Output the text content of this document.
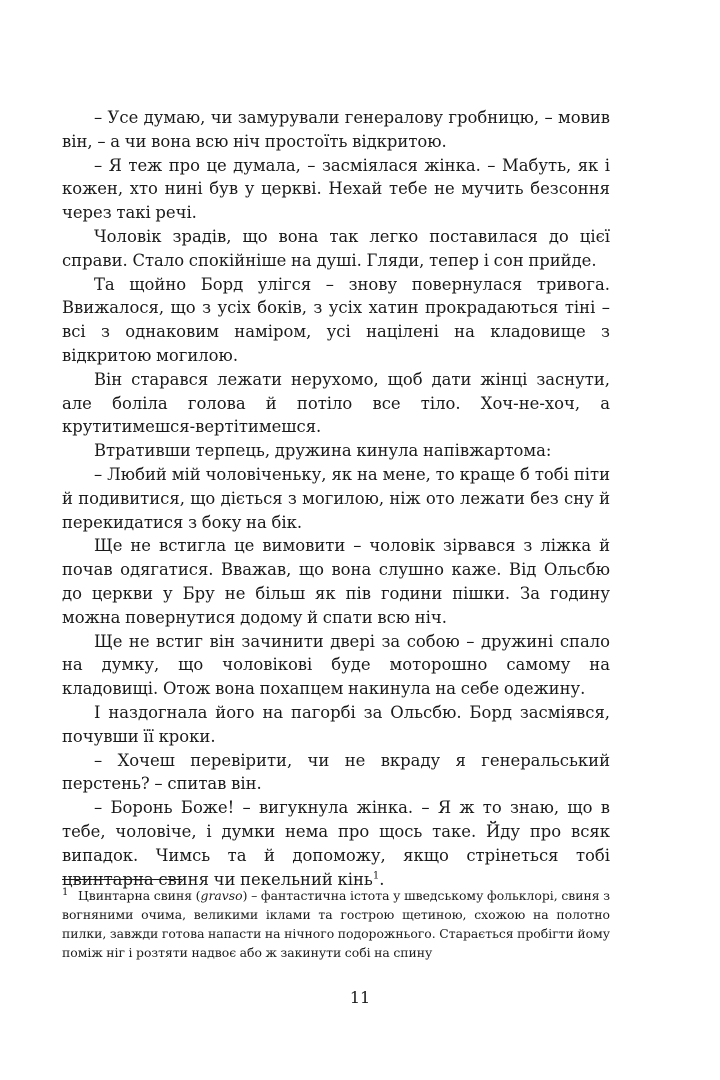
– Усе думаю, чи замурували генералову гробницю, – мовив він, – а чи вона всю ніч простоїть відкритою.

– Я теж про це думала, – засміялася жінка. – Мабуть, як і кожен, хто нині був у церкві. Нехай тебе не мучить безсоння через такі речі.

Чоловік зрадів, що вона так легко поставилася до цієї справи. Стало спокійніше на душі. Гляди, тепер і сон прийде.

Та щойно Борд улігся – знову повернулася тривога. Ввижалося, що з усіх боків, з усіх хатин прокрадаються тіні – всі з однаковим наміром, усі націлені на кладовище з відкритою могилою.

Він старався лежати нерухомо, щоб дати жінці заснути, але боліла голова й потіло все тіло. Хоч-не-хоч, а крутитимешся-вертітимешся.

Втративши терпець, дружина кинула напівжартома:

– Любий мій чоловіченьку, як на мене, то краще б тобі піти й подивитися, що діється з могилою, ніж ото лежати без сну й перекидатися з боку на бік.

Ще не встигла це вимовити – чоловік зірвався з ліжка й почав одягатися. Вважав, що вона слушно каже. Від Ольсбю до церкви у Бру не більш як пів години пішки. За годину можна повернутися додому й спати всю ніч.

Ще не встиг він зачинити двері за собою – дружині спало на думку, що чоловікові буде моторошно самому на кладовищі. Отож вона похапцем накинула на себе одежину.

І наздогнала його на пагорбі за Ольсбю. Борд засміявся, почувши її кроки.

– Хочеш перевірити, чи не вкраду я генеральський перстень? – спитав він.

– Боронь Боже! – вигукнула жінка. – Я ж то знаю, що в тебе, чоловіче, і думки нема про щось таке. Йду про всяк випадок. Чимсь та й допоможу, якщо стрінеться тобі цвинтарна свиня чи пекельний кінь$^1$.

1 Цвинтарна свиня (gravso) – фантастична істота у шведському фольклорі, свиня з вогняними очима, великими іклами та гострою щетиною, схожою на полотно пилки, завжди готова напасти на нічного подорожнього. Старається пробігти йому поміж ніг і розтяти надвоє або ж закинути собі на спину
11
